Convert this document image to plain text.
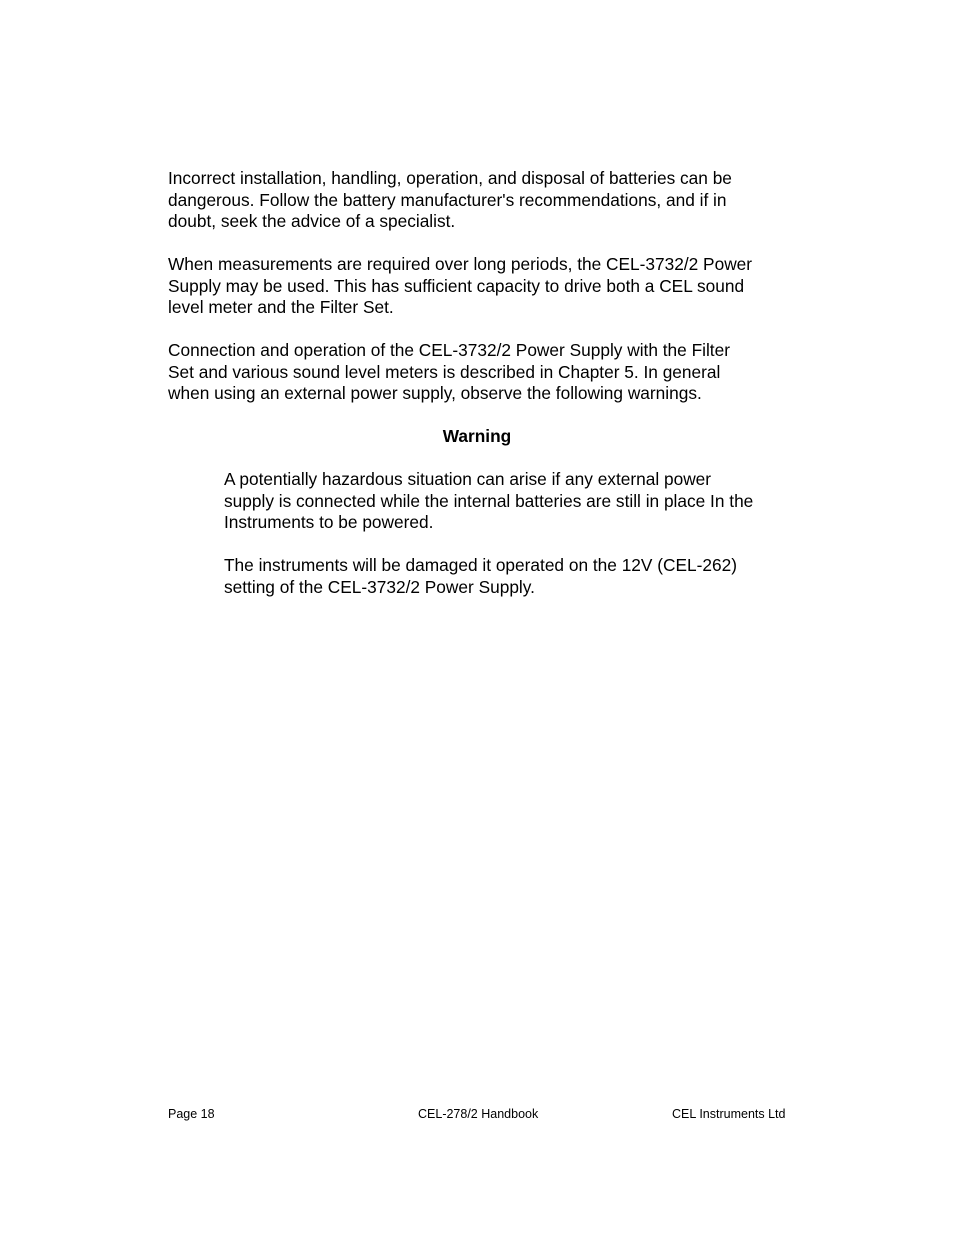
Incorrect installation, handling, operation, and disposal of batteries can be
dangerous. Follow the battery manufacturer's recommendations, and if in
doubt, seek the advice of a specialist.

When measurements are required over long periods, the CEL-3732/2 Power
Supply may be used. This has sufficient capacity to drive both a CEL sound
level meter and the Filter Set.

Connection and operation of the CEL-3732/2 Power Supply with the Filter
Set and various sound level meters is described in Chapter 5. In general
when using an external power supply, observe the following warnings.

Warning

A potentially hazardous situation can arise if any external power
supply is connected while the internal batteries are still in place In the
Instruments to be powered.

The instruments will be damaged it operated on the 12V (CEL-262)
setting of the CEL-3732/2 Power Supply.

Page 18	CEL-278/2 Handbook	CEL Instruments Ltd
